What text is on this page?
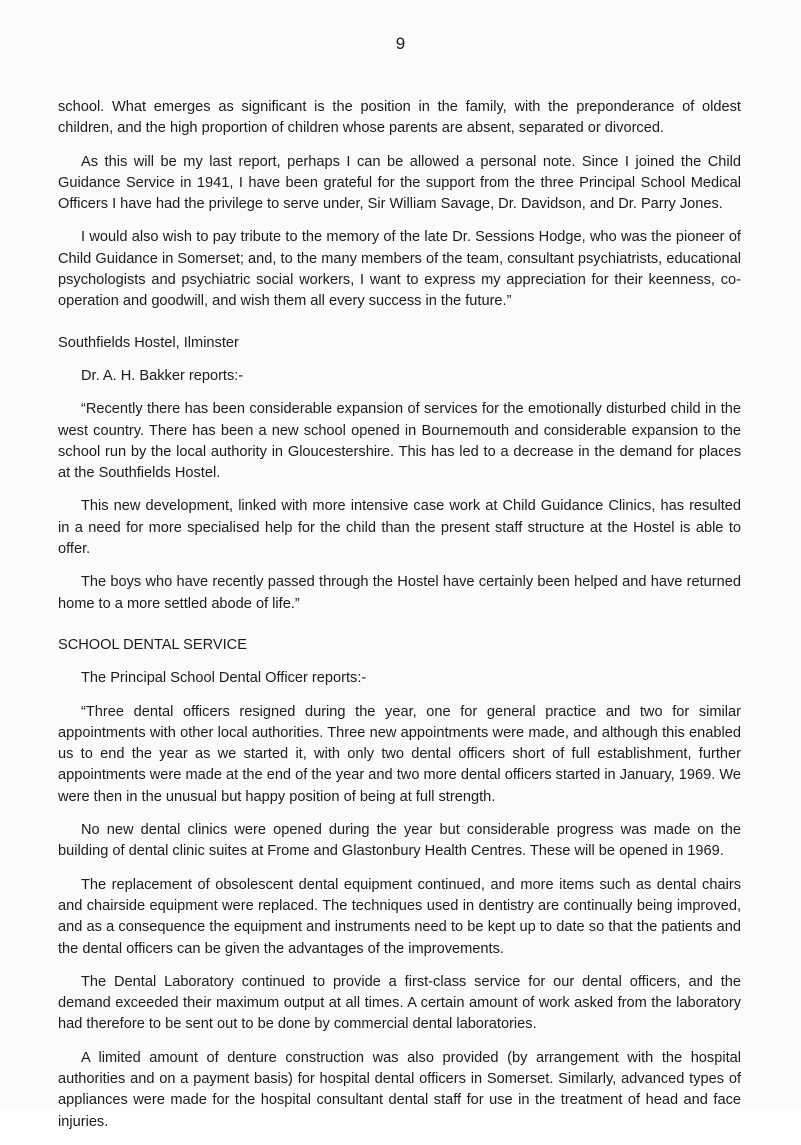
9

school. What emerges as significant is the position in the family, with the preponderance of oldest children, and the high proportion of children whose parents are absent, separated or divorced.

As this will be my last report, perhaps I can be allowed a personal note. Since I joined the Child Guidance Service in 1941, I have been grateful for the support from the three Principal School Medical Officers I have had the privilege to serve under, Sir William Savage, Dr. Davidson, and Dr. Parry Jones.

I would also wish to pay tribute to the memory of the late Dr. Sessions Hodge, who was the pioneer of Child Guidance in Somerset; and, to the many members of the team, consultant psychiatrists, educational psychologists and psychiatric social workers, I want to express my appreciation for their keenness, co-operation and goodwill, and wish them all every success in the future.”

Southfields Hostel, Ilminster

Dr. A. H. Bakker reports:-

“Recently there has been considerable expansion of services for the emotionally disturbed child in the west country. There has been a new school opened in Bournemouth and considerable expansion to the school run by the local authority in Gloucestershire. This has led to a decrease in the demand for places at the Southfields Hostel.

This new development, linked with more intensive case work at Child Guidance Clinics, has resulted in a need for more specialised help for the child than the present staff structure at the Hostel is able to offer.

The boys who have recently passed through the Hostel have certainly been helped and have returned home to a more settled abode of life.”

SCHOOL DENTAL SERVICE

The Principal School Dental Officer reports:-

“Three dental officers resigned during the year, one for general practice and two for similar appointments with other local authorities. Three new appointments were made, and although this enabled us to end the year as we started it, with only two dental officers short of full establishment, further appointments were made at the end of the year and two more dental officers started in January, 1969. We were then in the unusual but happy position of being at full strength.

No new dental clinics were opened during the year but considerable progress was made on the building of dental clinic suites at Frome and Glastonbury Health Centres. These will be opened in 1969.

The replacement of obsolescent dental equipment continued, and more items such as dental chairs and chairside equipment were replaced. The techniques used in dentistry are continually being improved, and as a consequence the equipment and instruments need to be kept up to date so that the patients and the dental officers can be given the advantages of the improvements.

The Dental Laboratory continued to provide a first-class service for our dental officers, and the demand exceeded their maximum output at all times. A certain amount of work asked from the laboratory had therefore to be sent out to be done by commercial dental laboratories.

A limited amount of denture construction was also provided (by arrangement with the hospital authorities and on a payment basis) for hospital dental officers in Somerset. Similarly, advanced types of appliances were made for the hospital consultant dental staff for use in the treatment of head and face injuries.
